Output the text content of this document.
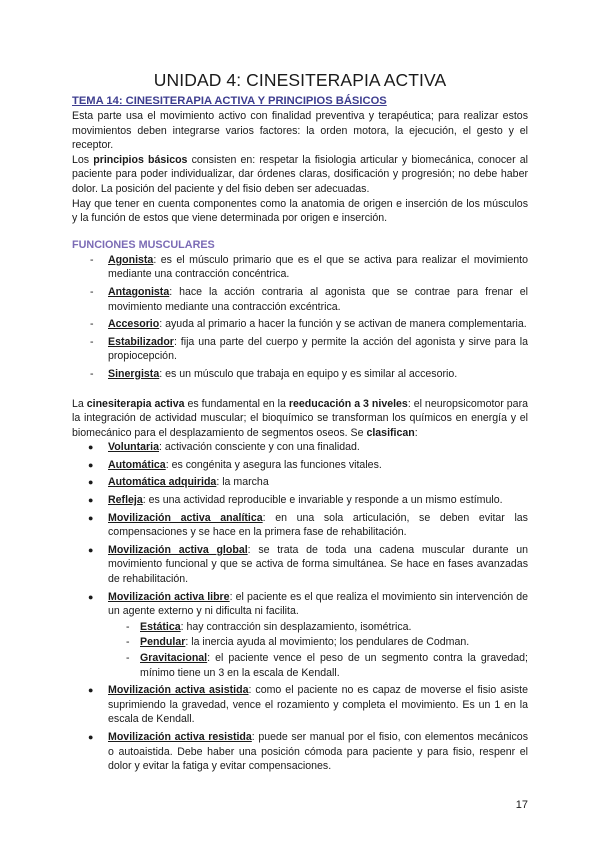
UNIDAD 4: CINESITERAPIA ACTIVA
TEMA 14: CINESITERAPIA ACTIVA Y PRINCIPIOS BÁSICOS

Esta parte usa el movimiento activo con finalidad preventiva y terapéutica; para realizar estos movimientos deben integrarse varios factores: la orden motora, la ejecución, el gesto y el receptor.

Los principios básicos consisten en: respetar la fisiologia articular y biomecánica, conocer al paciente para poder individualizar, dar órdenes claras, dosificación y progresión; no debe haber dolor. La posición del paciente y del fisio deben ser adecuadas.

Hay que tener en cuenta componentes como la anatomia de origen e inserción de los músculos y la función de estos que viene determinada por origen e inserción.

FUNCIONES MUSCULARES
- Agonista: es el músculo primario que es el que se activa para realizar el movimiento mediante una contracción concéntrica.
- Antagonista: hace la acción contraria al agonista que se contrae para frenar el movimiento mediante una contracción excéntrica.
- Accesorio: ayuda al primario a hacer la función y se activan de manera complementaria.
- Estabilizador: fija una parte del cuerpo y permite la acción del agonista y sirve para la propiocepción.
- Sinergista: es un músculo que trabaja en equipo y es similar al accesorio.

La cinesiterapia activa es fundamental en la reeducación a 3 niveles: el neuropsicomotor para la integración de actividad muscular; el bioquímico se transforman los químicos en energía y el biomecánico para el desplazamiento de segmentos oseos. Se clasifican:

● Voluntaria: activación consciente y con una finalidad.
● Automática: es congénita y asegura las funciones vitales.
● Automática adquirida: la marcha
● Refleja: es una actividad reproducible e invariable y responde a un mismo estímulo.
● Movilización activa analítica: en una sola articulación, se deben evitar las compensaciones y se hace en la primera fase de rehabilitación.
● Movilización activa global: se trata de toda una cadena muscular durante un movimiento funcional y que se activa de forma simultánea. Se hace en fases avanzadas de rehabilitación.
● Movilización activa libre: el paciente es el que realiza el movimiento sin intervención de un agente externo y ni dificulta ni facilita.
- Estática: hay contracción sin desplazamiento, isométrica.
- Pendular: la inercia ayuda al movimiento; los pendulares de Codman.
- Gravitacional: el paciente vence el peso de un segmento contra la gravedad; mínimo tiene un 3 en la escala de Kendall.
● Movilización activa asistida: como el paciente no es capaz de moverse el fisio asiste suprimiendo la gravedad, vence el rozamiento y completa el movimiento. Es un 1 en la escala de Kendall.
● Movilización activa resistida: puede ser manual por el fisio, con elementos mecánicos o autoaistida. Debe haber una posición cómoda para paciente y para fisio, respenr el dolor y evitar la fatiga y evitar compensaciones.
17
